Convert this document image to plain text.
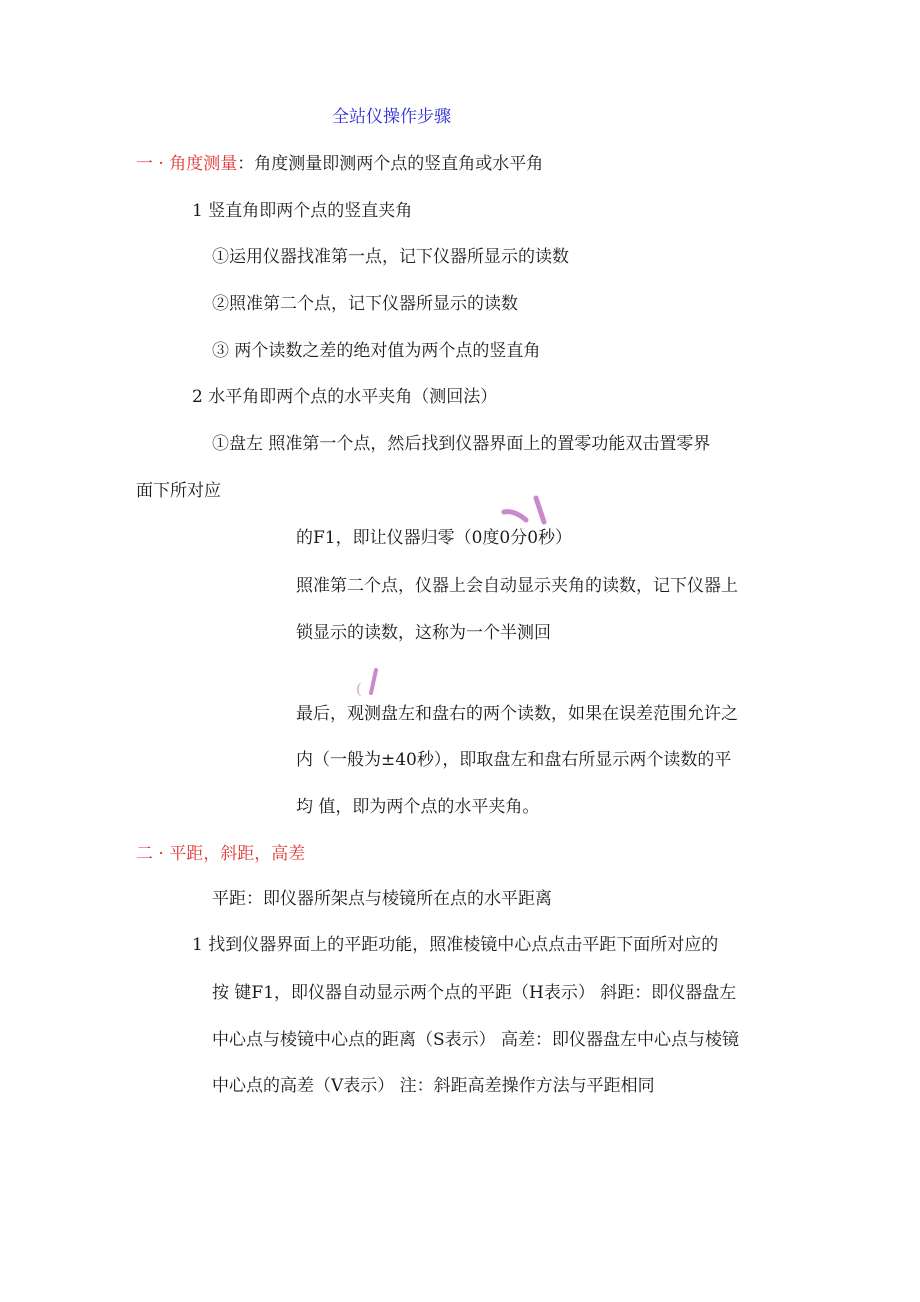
全站仪操作步骤
一 · 角度测量：角度测量即测两个点的竖直角或水平角
1 竖直角即两个点的竖直夹角
①运用仪器找准第一点，记下仪器所显示的读数
②照准第二个点，记下仪器所显示的读数
③ 两个读数之差的绝对值为两个点的竖直角
2 水平角即两个点的水平夹角（测回法）
①盘左 照准第一个点，然后找到仪器界面上的置零功能双击置零界
面下所对应
的F1，即让仪器归零（0度0分0秒）
照准第二个点，仪器上会自动显示夹角的读数，记下仪器上
锁显示的读数，这称为一个半测回
(
最后，观测盘左和盘右的两个读数，如果在误差范围允许之
内（一般为±40秒），即取盘左和盘右所显示两个读数的平
均 值，即为两个点的水平夹角。
二 · 平距，斜距，高差
平距：即仪器所架点与棱镜所在点的水平距离
1 找到仪器界面上的平距功能，照准棱镜中心点点击平距下面所对应的
按 键F1，即仪器自动显示两个点的平距（H表示） 斜距：即仪器盘左
中心点与棱镜中心点的距离（S表示） 高差：即仪器盘左中心点与棱镜
中心点的高差（V表示） 注：斜距高差操作方法与平距相同
